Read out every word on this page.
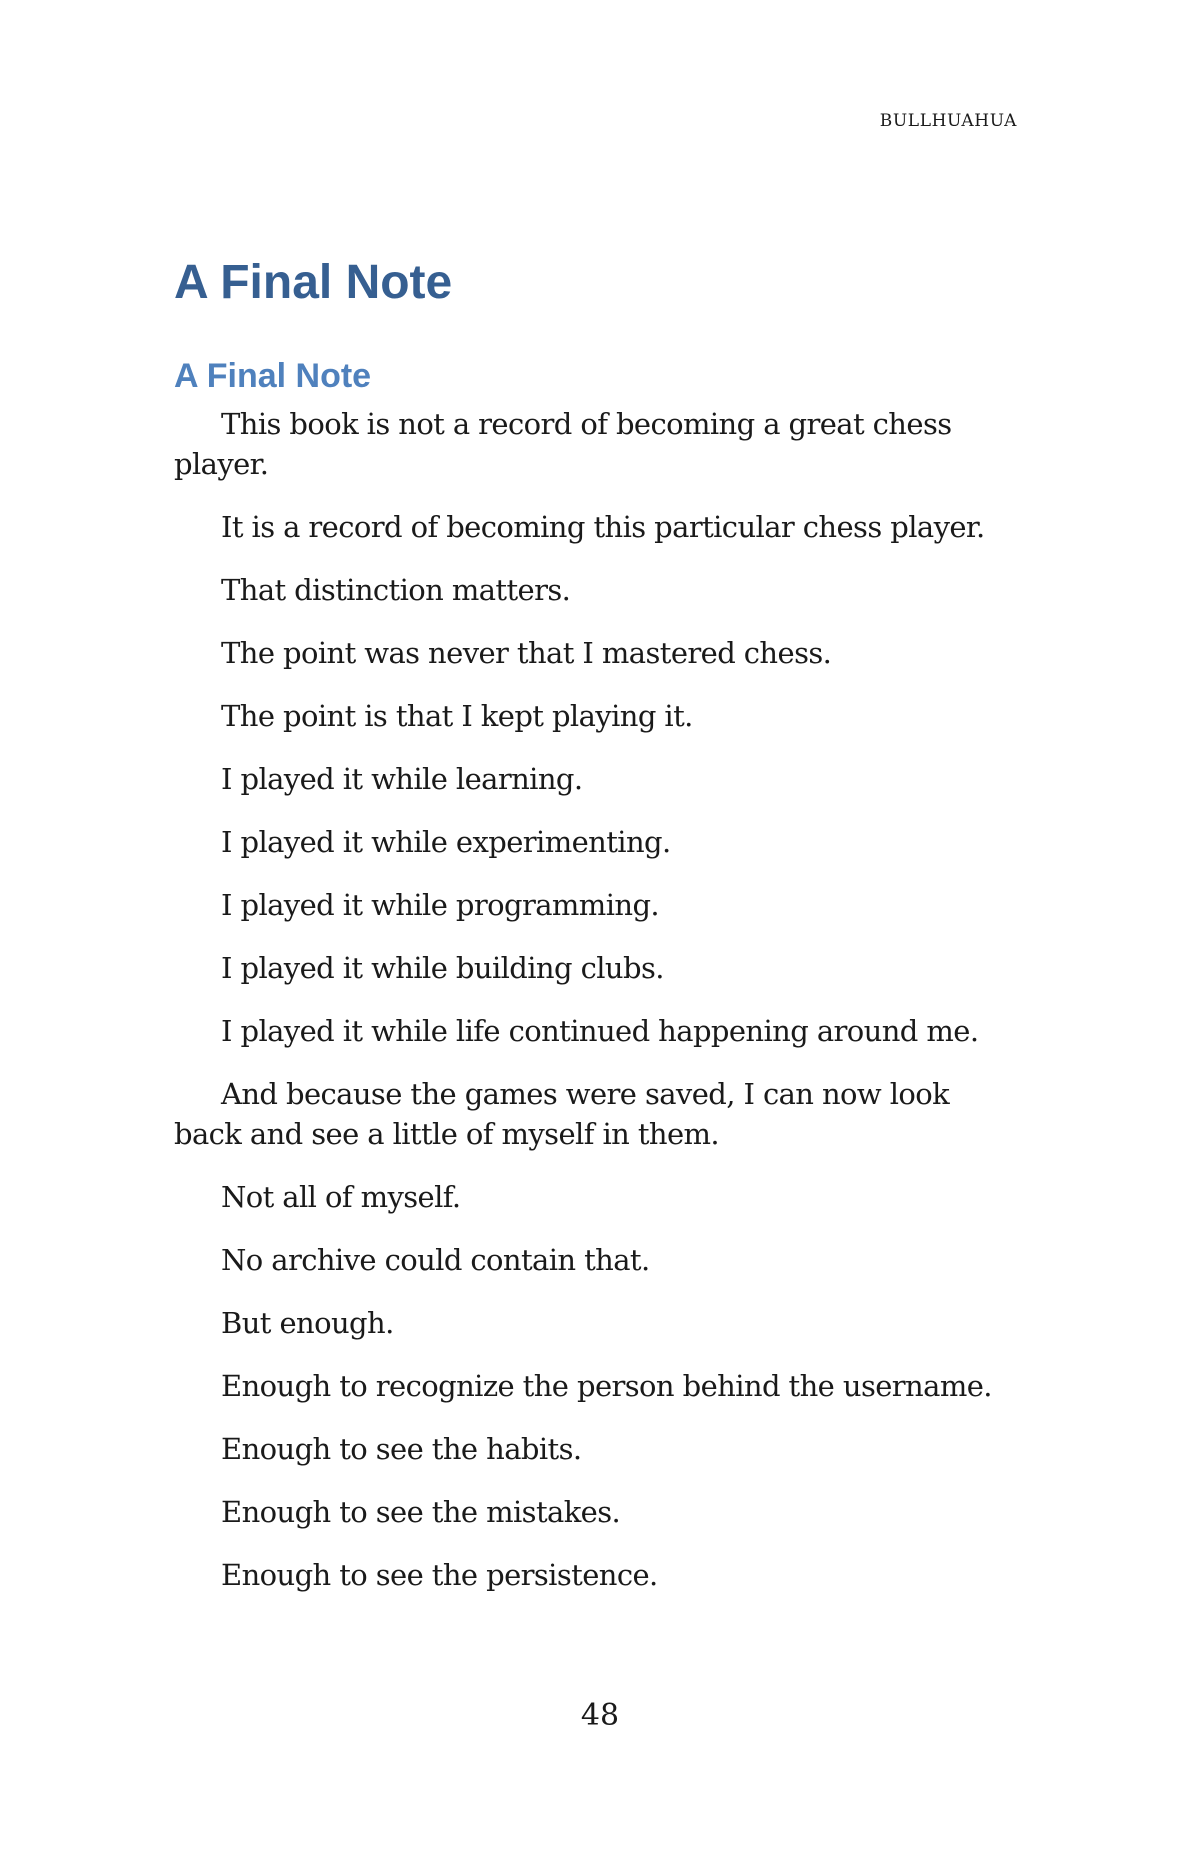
BULLHUAHUA
A Final Note
A Final Note

This book is not a record of becoming a great chess player.

It is a record of becoming this particular chess player.

That distinction matters.

The point was never that I mastered chess.

The point is that I kept playing it.

I played it while learning.

I played it while experimenting.

I played it while programming.

I played it while building clubs.

I played it while life continued happening around me.

And because the games were saved, I can now look back and see a little of myself in them.

Not all of myself.

No archive could contain that.

But enough.

Enough to recognize the person behind the username.

Enough to see the habits.

Enough to see the mistakes.

Enough to see the persistence.

48
